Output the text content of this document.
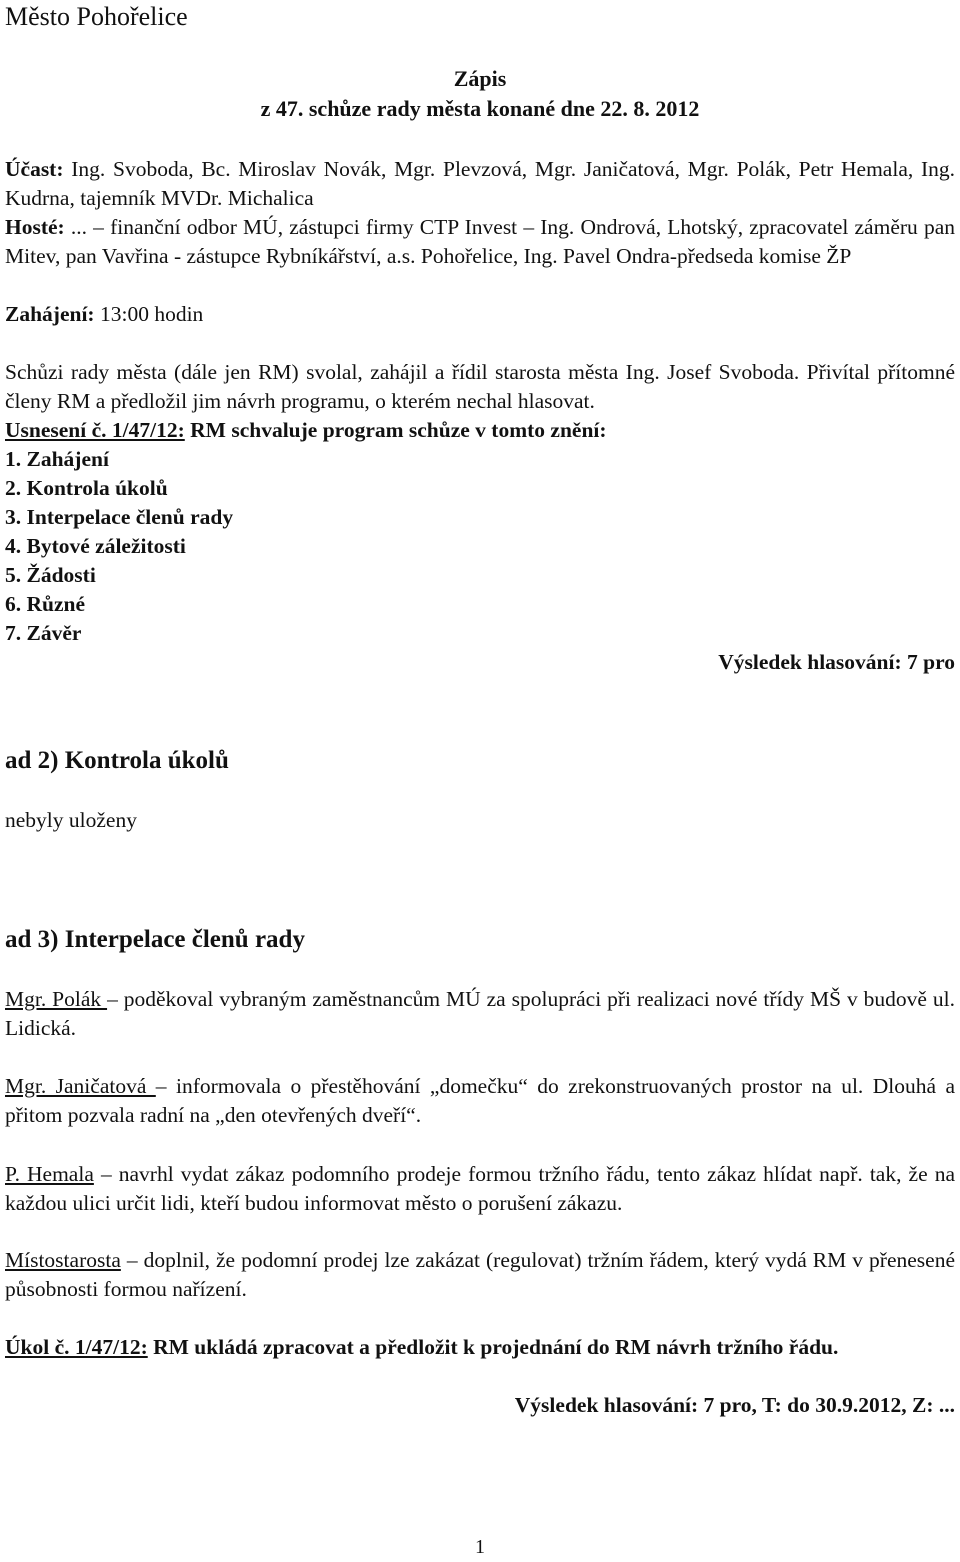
Město Pohořelice
Zápis
z 47. schůze rady města konané dne 22. 8. 2012
Účast: Ing. Svoboda, Bc. Miroslav Novák, Mgr. Plevzová, Mgr. Janičatová, Mgr. Polák, Petr Hemala, Ing. Kudrna, tajemník MVDr. Michalica
Hosté: ... – finanční odbor MÚ, zástupci firmy CTP Invest – Ing. Ondrová, Lhotský, zpracovatel záměru pan Mitev, pan Vavřina - zástupce Rybníkářství, a.s. Pohořelice, Ing. Pavel Ondra-předseda komise ŽP
Zahájení: 13:00 hodin
Schůzi rady města (dále jen RM) svolal, zahájil a řídil starosta města Ing. Josef Svoboda. Přivítal přítomné členy RM a předložil jim návrh programu, o kterém nechal hlasovat.
Usnesení č. 1/47/12: RM schvaluje program schůze v tomto znění:
1. Zahájení
2. Kontrola úkolů
3. Interpelace členů rady
4. Bytové záležitosti
5. Žádosti
6. Různé
7. Závěr
Výsledek hlasování: 7 pro
ad 2) Kontrola úkolů
nebyly uloženy
ad 3) Interpelace členů rady
Mgr. Polák – poděkoval vybraným zaměstnancům MÚ za spolupráci při realizaci nové třídy MŠ v budově ul. Lidická.
Mgr. Janičatová – informovala o přestěhování „domečku“ do zrekonstruovaných prostor na ul. Dlouhá a přitom pozvala radní na „den otevřených dveří“.
P. Hemala – navrhl vydat zákaz podomního prodeje formou tržního řádu, tento zákaz hlídat např. tak, že na každou ulici určit lidi, kteří budou informovat město o porušení zákazu.
Místostarosta – doplnil, že podomní prodej lze zakázat (regulovat) tržním řádem, který vydá RM v přenesené působnosti formou nařízení.
Úkol č. 1/47/12: RM ukládá zpracovat a předložit k projednání do RM návrh tržního řádu.
Výsledek hlasování: 7 pro, T: do 30.9.2012, Z: ...
1
